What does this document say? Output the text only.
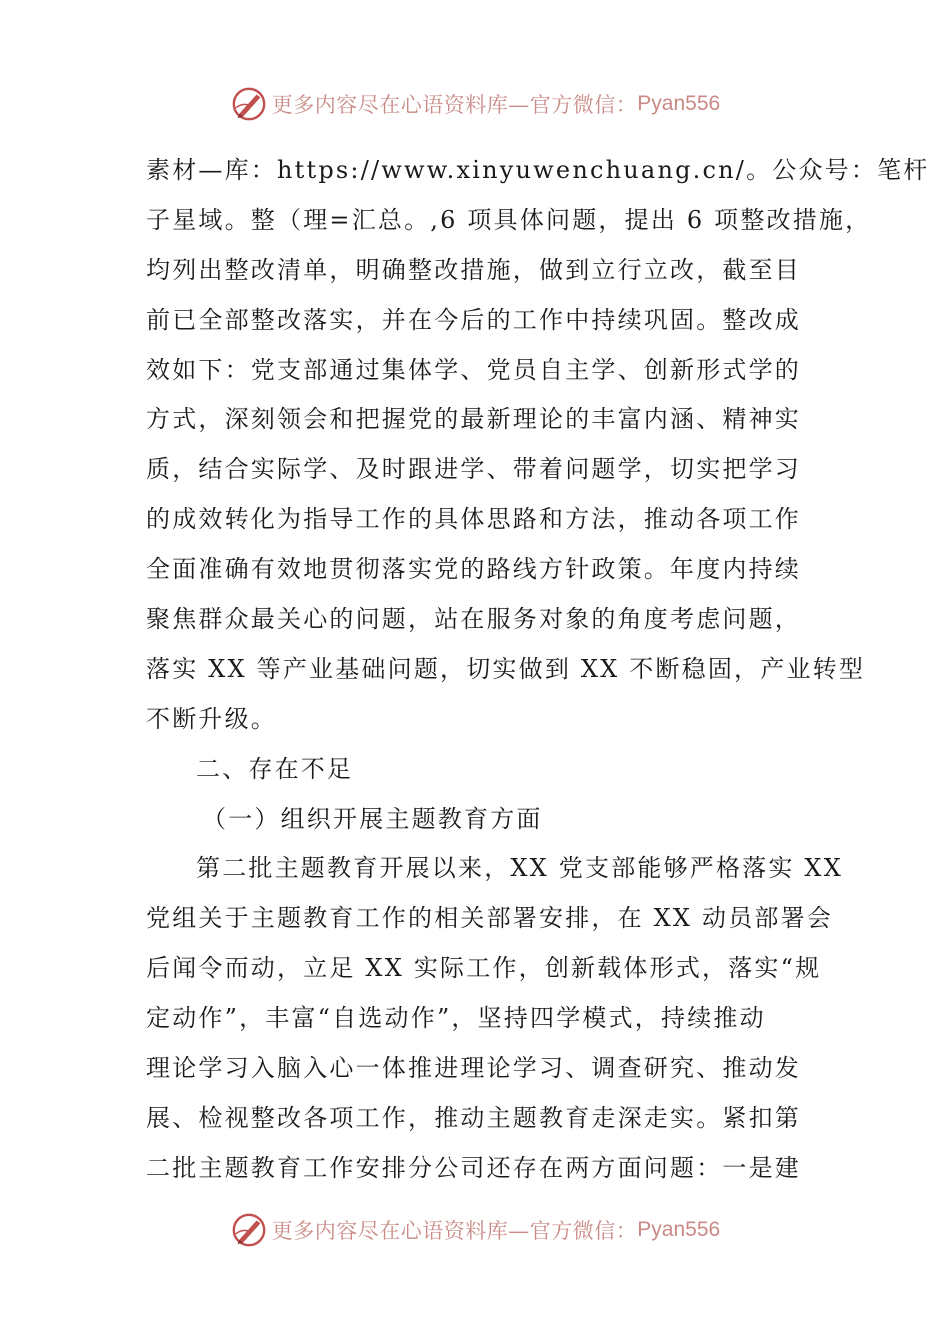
更多内容尽在心语资料库—官方微信： Pyan556
素材—库：https://www.xinyuwenchuang.cn/。公众号：笔杆
子星域。整（理=汇总。,6 项具体问题，提出 6 项整改措施，
均列出整改清单，明确整改措施，做到立行立改，截至目
前已全部整改落实，并在今后的工作中持续巩固。整改成
效如下：党支部通过集体学、党员自主学、创新形式学的
方式，深刻领会和把握党的最新理论的丰富内涵、精神实
质，结合实际学、及时跟进学、带着问题学，切实把学习
的成效转化为指导工作的具体思路和方法，推动各项工作
全面准确有效地贯彻落实党的路线方针政策。年度内持续
聚焦群众最关心的问题，站在服务对象的角度考虑问题，
落实 XX 等产业基础问题，切实做到 XX 不断稳固，产业转型
不断升级。
二、存在不足
（一）组织开展主题教育方面
第二批主题教育开展以来，XX 党支部能够严格落实 XX
党组关于主题教育工作的相关部署安排，在 XX 动员部署会
后闻令而动，立足 XX 实际工作，创新载体形式，落实“规
定动作”，丰富“自选动作”，坚持四学模式，持续推动
理论学习入脑入心一体推进理论学习、调查研究、推动发
展、检视整改各项工作，推动主题教育走深走实。紧扣第
二批主题教育工作安排分公司还存在两方面问题：一是建
更多内容尽在心语资料库—官方微信： Pyan556
